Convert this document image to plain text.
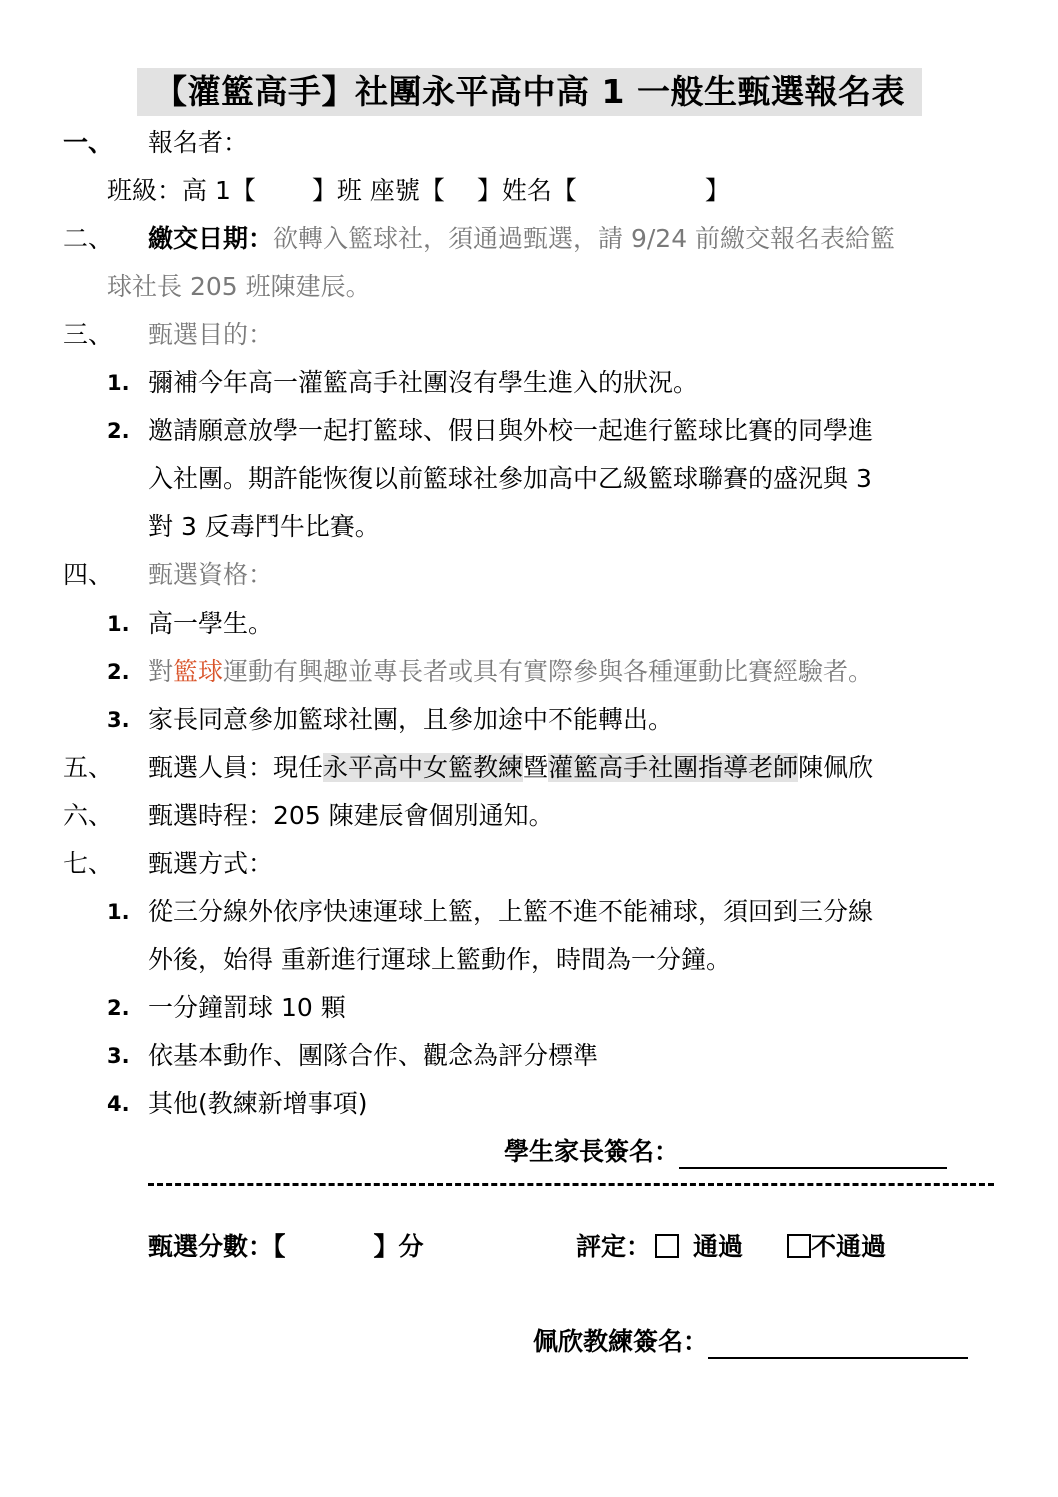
【灌籃高手】社團永平高中高 1 一般生甄選報名表
一、 報名者：
班級：高 1【 】班 座號【 】姓名【	】
二、 繳交日期：欲轉入籃球社，須通過甄選，請 9/24 前繳交報名表給籃
球社長 205 班陳建辰。
三、 甄選目的：
1. 彌補今年高一灌籃高手社團沒有學生進入的狀況。
2. 邀請願意放學一起打籃球、假日與外校一起進行籃球比賽的同學進
入社團。期許能恢復以前籃球社參加高中乙級籃球聯賽的盛況與 3
對 3 反毒鬥牛比賽。
四、 甄選資格：
1. 高一學生。
2. 對籃球運動有興趣並專長者或具有實際參與各種運動比賽經驗者。
3. 家長同意參加籃球社團，且參加途中不能轉出。
五、 甄選人員：現任永平高中女籃教練暨灌籃高手社團指導老師陳佩欣
六、 甄選時程：205 陳建辰會個別通知。
七、 甄選方式：
1. 從三分線外依序快速運球上籃，上籃不進不能補球，須回到三分線
外後，始得 重新進行運球上籃動作，時間為一分鐘。
2. 一分鐘罰球 10 顆
3. 依基本動作、團隊合作、觀念為評分標準
4. 其他(教練新增事項)
學生家長簽名：
甄選分數：【	】分	評定： 通過	不通過
佩欣教練簽名：
